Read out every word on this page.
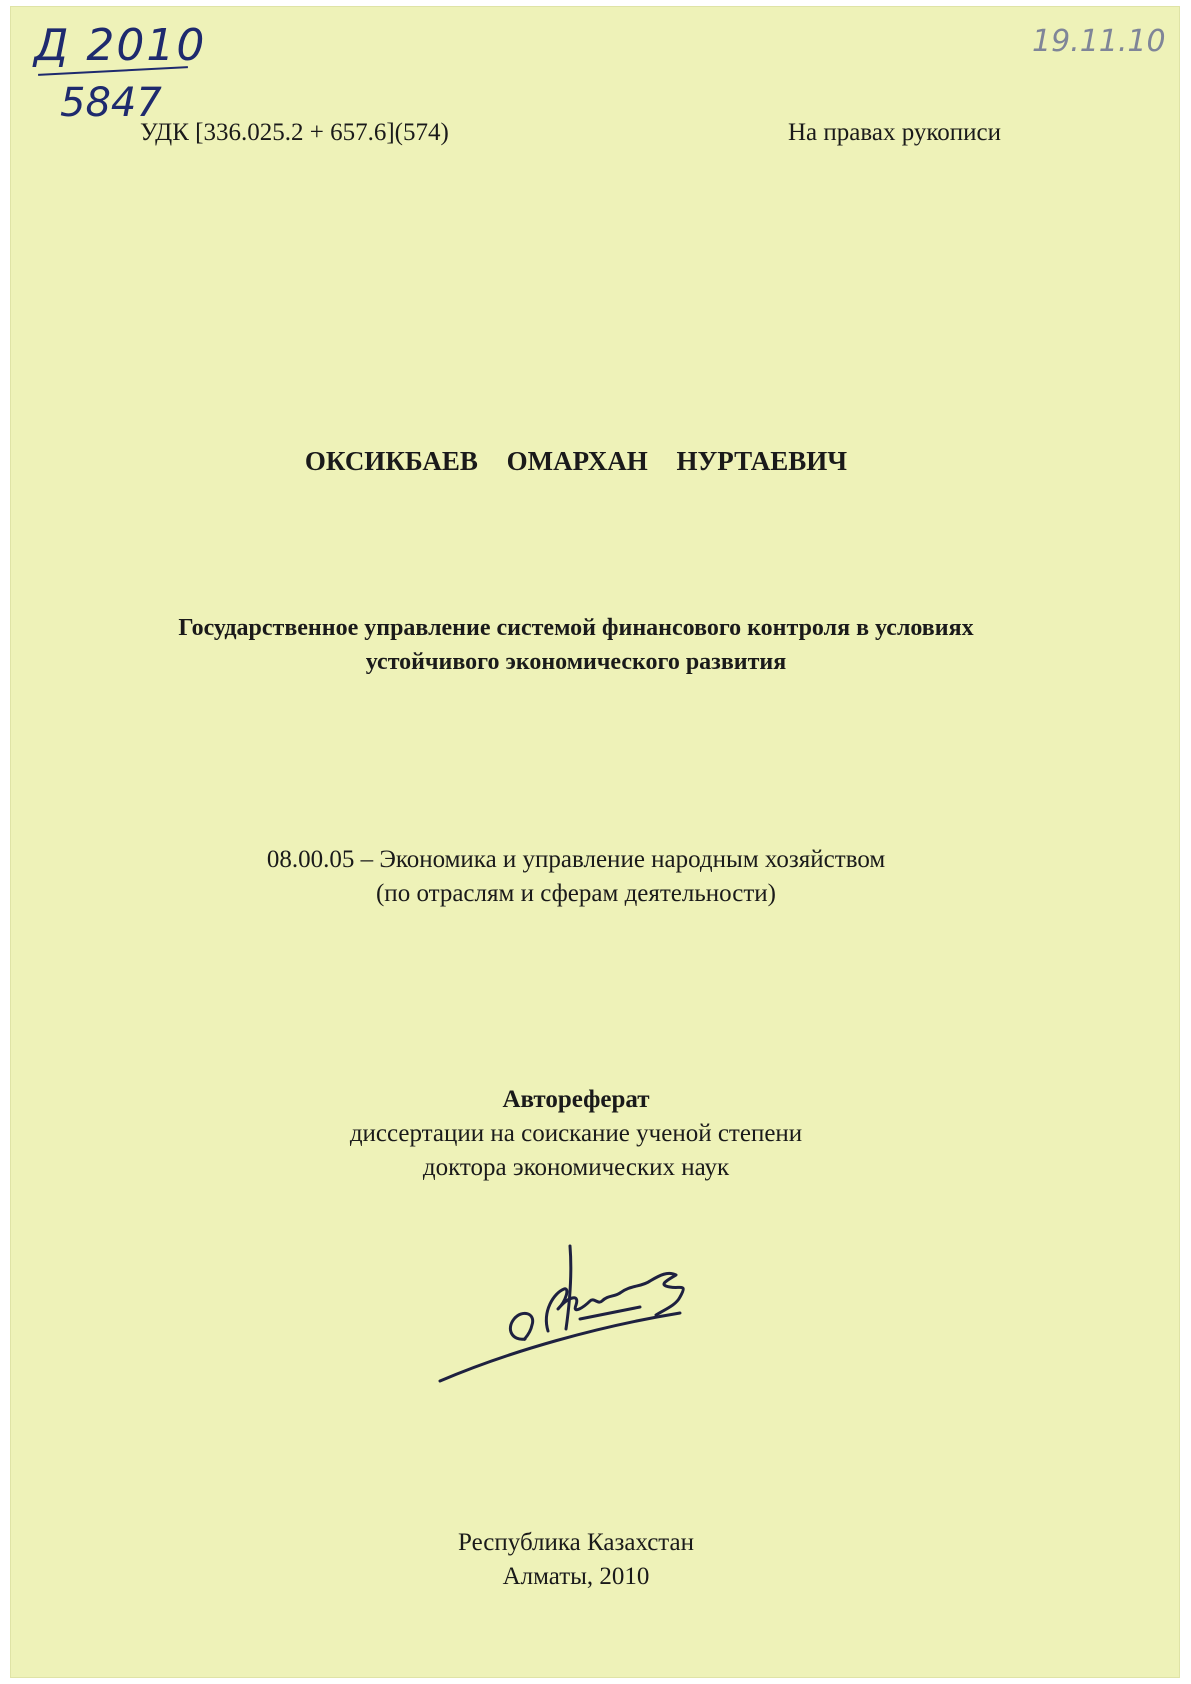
Д 2010
5847
19.11.10
УДК [336.025.2 + 657.6](574)	На правах рукописи
ОКСИКБАЕВ ОМАРХАН НУРТАЕВИЧ
Государственное управление системой финансового контроля в условиях
устойчивого экономического развития
08.00.05 – Экономика и управление народным хозяйством
(по отраслям и сферам деятельности)
Автореферат
диссертации на соискание ученой степени
доктора экономических наук
Республика Казахстан
Алматы, 2010
